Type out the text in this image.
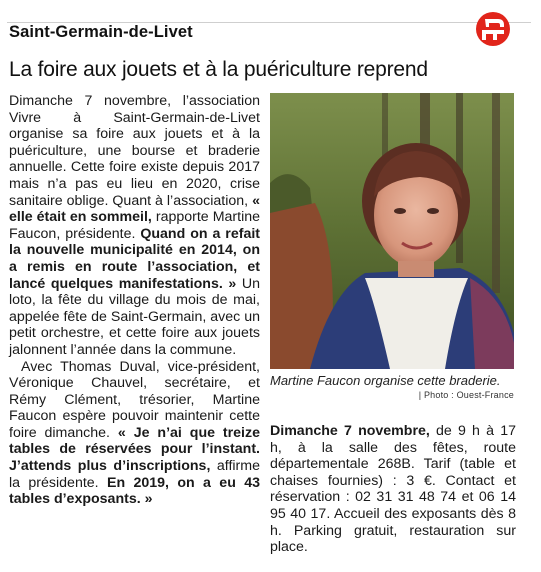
Saint-Germain-de-Livet
La foire aux jouets et à la puériculture reprend

Dimanche 7 novembre, l’association Vivre à Saint-Germain-de-Livet organise sa foire aux jouets et à la puériculture, une bourse et braderie annuelle. Cette foire existe depuis 2017 mais n’a pas eu lieu en 2020, crise sanitaire oblige. Quant à l’association, « elle était en sommeil, rapporte Martine Faucon, présidente. Quand on a refait la nouvelle municipalité en 2014, on a remis en route l’association, et lancé quelques manifestations. » Un loto, la fête du village du mois de mai, appelée fête de Saint-Germain, avec un petit orchestre, et cette foire aux jouets jalonnent l’année dans la commune.

Avec Thomas Duval, vice-président, Véronique Chauvel, secrétaire, et Rémy Clément, trésorier, Martine Faucon espère pouvoir maintenir cette foire dimanche. « Je n’ai que treize tables de réservées pour l’instant. J’attends plus d’inscriptions, affirme la présidente. En 2019, on a eu 43 tables d’exposants. »

Martine Faucon organise cette braderie.
| Photo : Ouest-France
Dimanche 7 novembre, de 9 h à 17 h, à la salle des fêtes, route départementale 268B. Tarif (table et chaises fournies) : 3 €. Contact et réservation : 02 31 31 48 74 et 06 14 95 40 17. Accueil des exposants dès 8 h. Parking gratuit, restauration sur place.
